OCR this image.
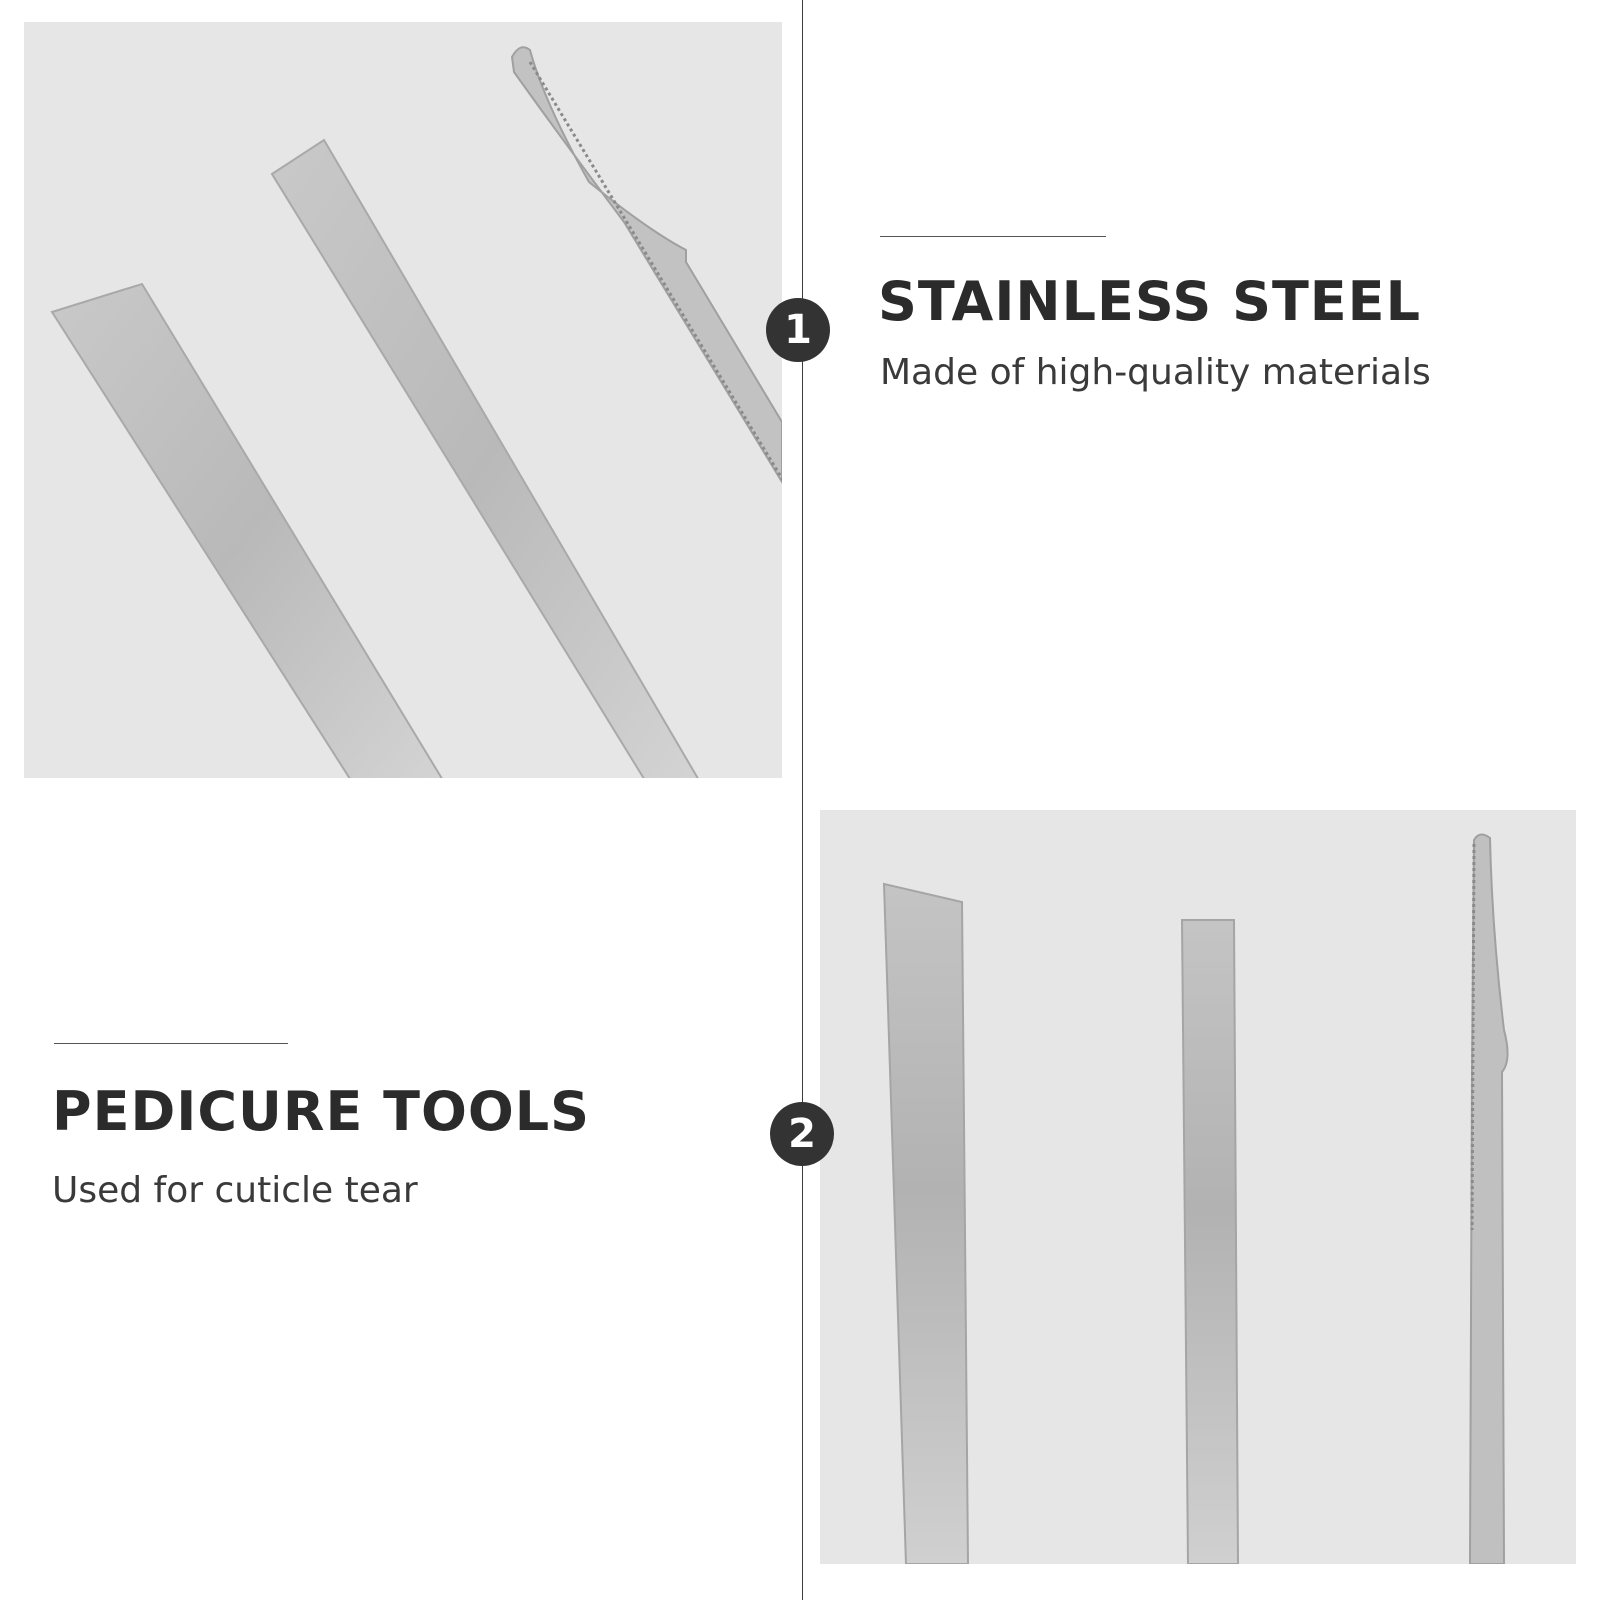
1	STAINLESS STEEL
Made of high-quality materials
2
PEDICURE TOOLS
Used for cuticle tear
